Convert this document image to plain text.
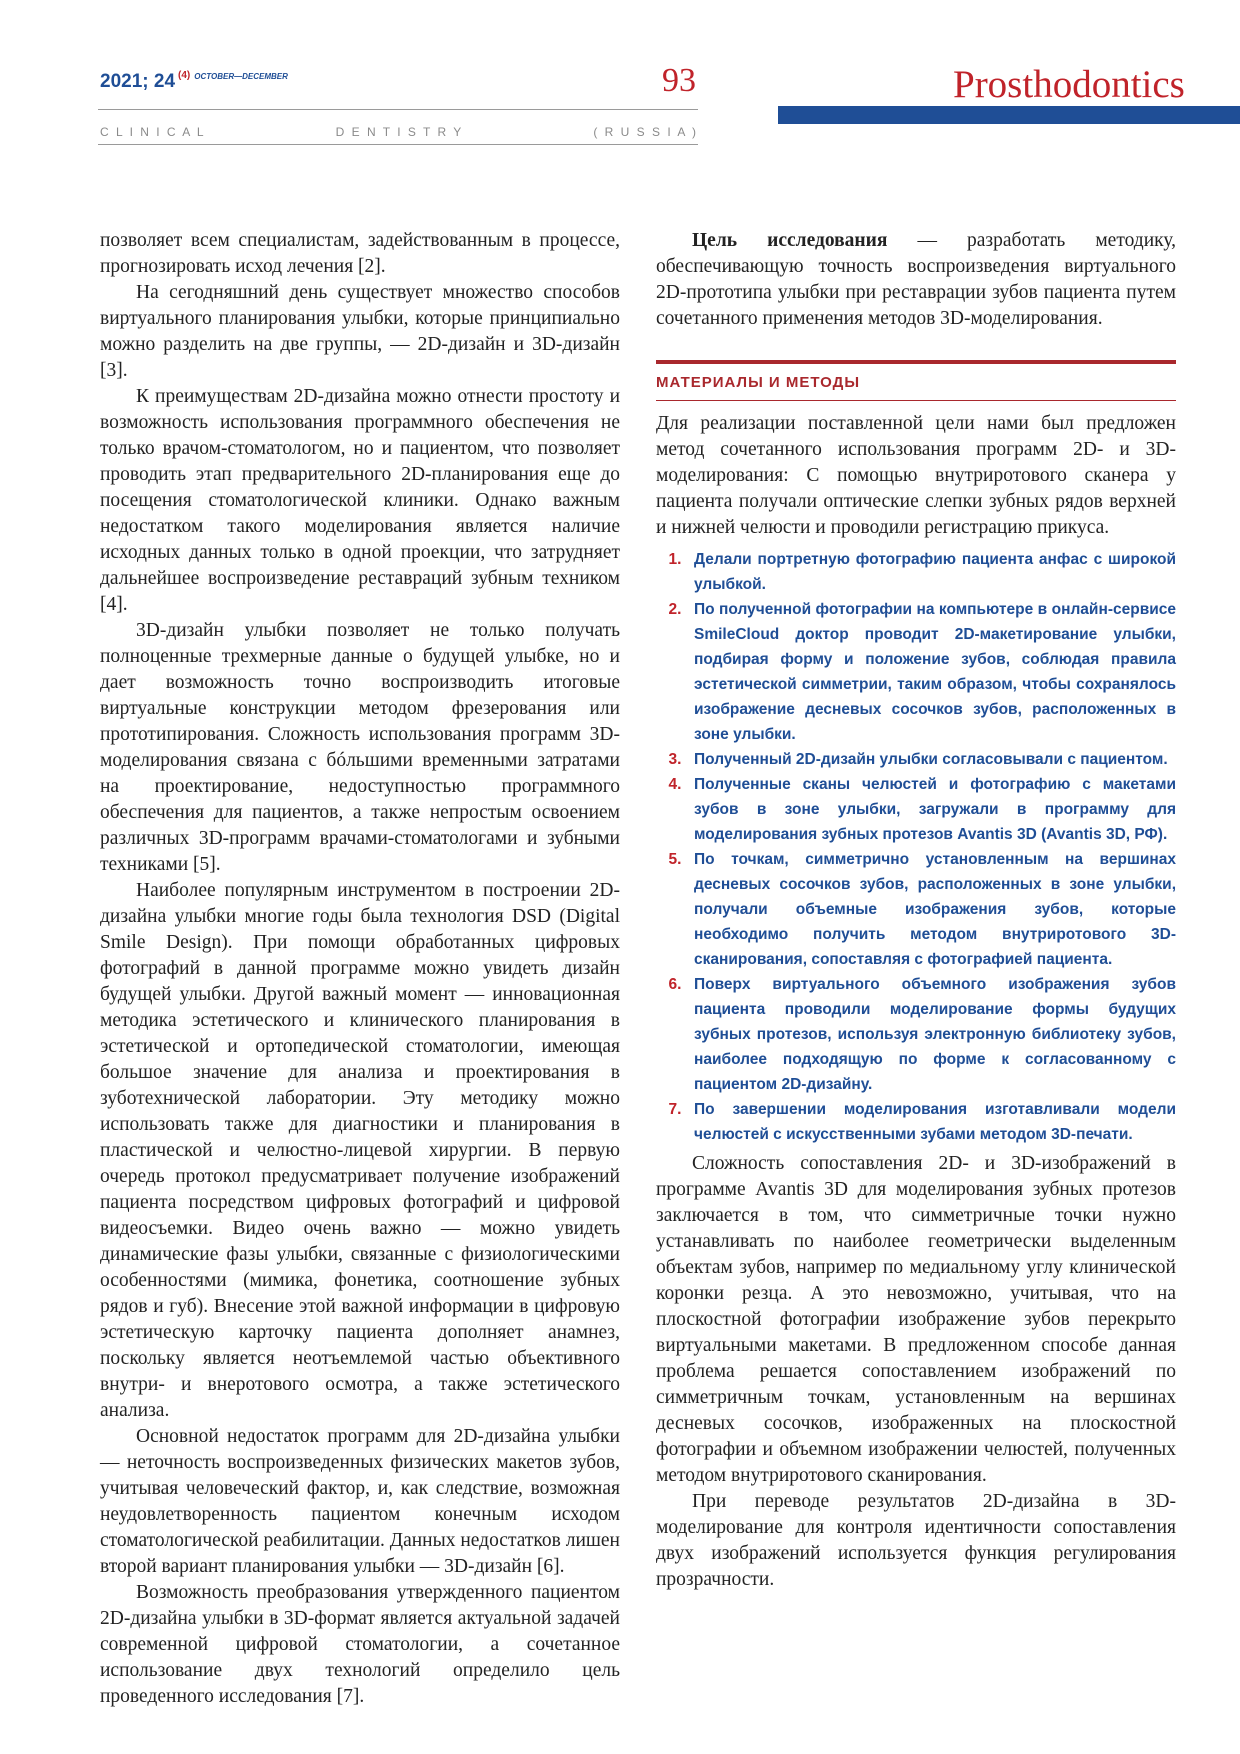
2021; 24 $^{(4)}$ $^{OCTOBER—DECEMBER}$	93
C L I N I C A L	D E N T I S T R Y	( R U S S I A )
Prosthodontics

позволяет всем специалистам, задействованным в процессе, прогнозировать исход лечения [2].

На сегодняшний день существует множество способов виртуального планирования улыбки, которые принципиально можно разделить на две группы, — 2D-дизайн и 3D-дизайн [3].

К преимуществам 2D-дизайна можно отнести простоту и возможность использования программного обеспечения не только врачом-стоматологом, но и пациентом, что позволяет проводить этап предварительного 2D-планирования еще до посещения стоматологической клиники. Однако важным недостатком такого моделирования является наличие исходных данных только в одной проекции, что затрудняет дальнейшее воспроизведение реставраций зубным техником [4].

3D-дизайн улыбки позволяет не только получать полноценные трехмерные данные о будущей улыбке, но и дает возможность точно воспроизводить итоговые виртуальные конструкции методом фрезерования или прототипирования. Сложность использования программ 3D-моделирования связана с бóльшими временными затратами на проектирование, недоступностью программного обеспечения для пациентов, а также непростым освоением различных 3D-программ врачами-стоматологами и зубными техниками [5].

Наиболее популярным инструментом в построении 2D-дизайна улыбки многие годы была технология DSD (Digital Smile Design). При помощи обработанных цифровых фотографий в данной программе можно увидеть дизайн будущей улыбки. Другой важный момент — инновационная методика эстетического и клинического планирования в эстетической и ортопедической стоматологии, имеющая большое значение для анализа и проектирования в зуботехнической лаборатории. Эту методику можно использовать также для диагностики и планирования в пластической и челюстно-лицевой хирургии. В первую очередь протокол предусматривает получение изображений пациента посредством цифровых фотографий и цифровой видеосъемки. Видео очень важно — можно увидеть динамические фазы улыбки, связанные с физиологическими особенностями (мимика, фонетика, соотношение зубных рядов и губ). Внесение этой важной информации в цифровую эстетическую карточку пациента дополняет анамнез, поскольку является неотъемлемой частью объективного внутри- и внеротового осмотра, а также эстетического анализа.

Основной недостаток программ для 2D-дизайна улыбки — неточность воспроизведенных физических макетов зубов, учитывая человеческий фактор, и, как следствие, возможная неудовлетворенность пациентом конечным исходом стоматологической реабилитации. Данных недостатков лишен второй вариант планирования улыбки — 3D-дизайн [6].

Возможность преобразования утвержденного пациентом 2D-дизайна улыбки в 3D-формат является актуальной задачей современной цифровой стоматологии, а сочетанное использование двух технологий определило цель проведенного исследования [7].

Цель исследования — разработать методику, обеспечивающую точность воспроизведения виртуального 2D-прототипа улыбки при реставрации зубов пациента путем сочетанного применения методов 3D-моделирования.

МАТЕРИАЛЫ И МЕТОДЫ

Для реализации поставленной цели нами был предложен метод сочетанного использования программ 2D- и 3D-моделирования: С помощью внутриротового сканера у пациента получали оптические слепки зубных рядов верхней и нижней челюсти и проводили регистрацию прикуса.

1. Делали портретную фотографию пациента анфас с широкой улыбкой.
2. По полученной фотографии на компьютере в онлайн-сервисе SmileCloud доктор проводит 2D-макетирование улыбки, подбирая форму и положение зубов, соблюдая правила эстетической симметрии, таким образом, чтобы сохранялось изображение десневых сосочков зубов, расположенных в зоне улыбки.
3. Полученный 2D-дизайн улыбки согласовывали с пациентом.
4. Полученные сканы челюстей и фотографию с макетами зубов в зоне улыбки, загружали в программу для моделирования зубных протезов Avantis 3D (Avantis 3D, РФ).
5. По точкам, симметрично установленным на вершинах десневых сосочков зубов, расположенных в зоне улыбки, получали объемные изображения зубов, которые необходимо получить методом внутриротового 3D-сканирования, сопоставляя с фотографией пациента.
6. Поверх виртуального объемного изображения зубов пациента проводили моделирование формы будущих зубных протезов, используя электронную библиотеку зубов, наиболее подходящую по форме к согласованному с пациентом 2D-дизайну.
7. По завершении моделирования изготавливали модели челюстей с искусственными зубами методом 3D-печати.

Сложность сопоставления 2D- и 3D-изображений в программе Avantis 3D для моделирования зубных протезов заключается в том, что симметричные точки нужно устанавливать по наиболее геометрически выделенным объектам зубов, например по медиальному углу клинической коронки резца. А это невозможно, учитывая, что на плоскостной фотографии изображение зубов перекрыто виртуальными макетами. В предложенном способе данная проблема решается сопоставлением изображений по симметричным точкам, установленным на вершинах десневых сосочков, изображенных на плоскостной фотографии и объемном изображении челюстей, полученных методом внутриротового сканирования.

При переводе результатов 2D-дизайна в 3D-моделирование для контроля идентичности сопоставления двух изображений используется функция регулирования прозрачности.
